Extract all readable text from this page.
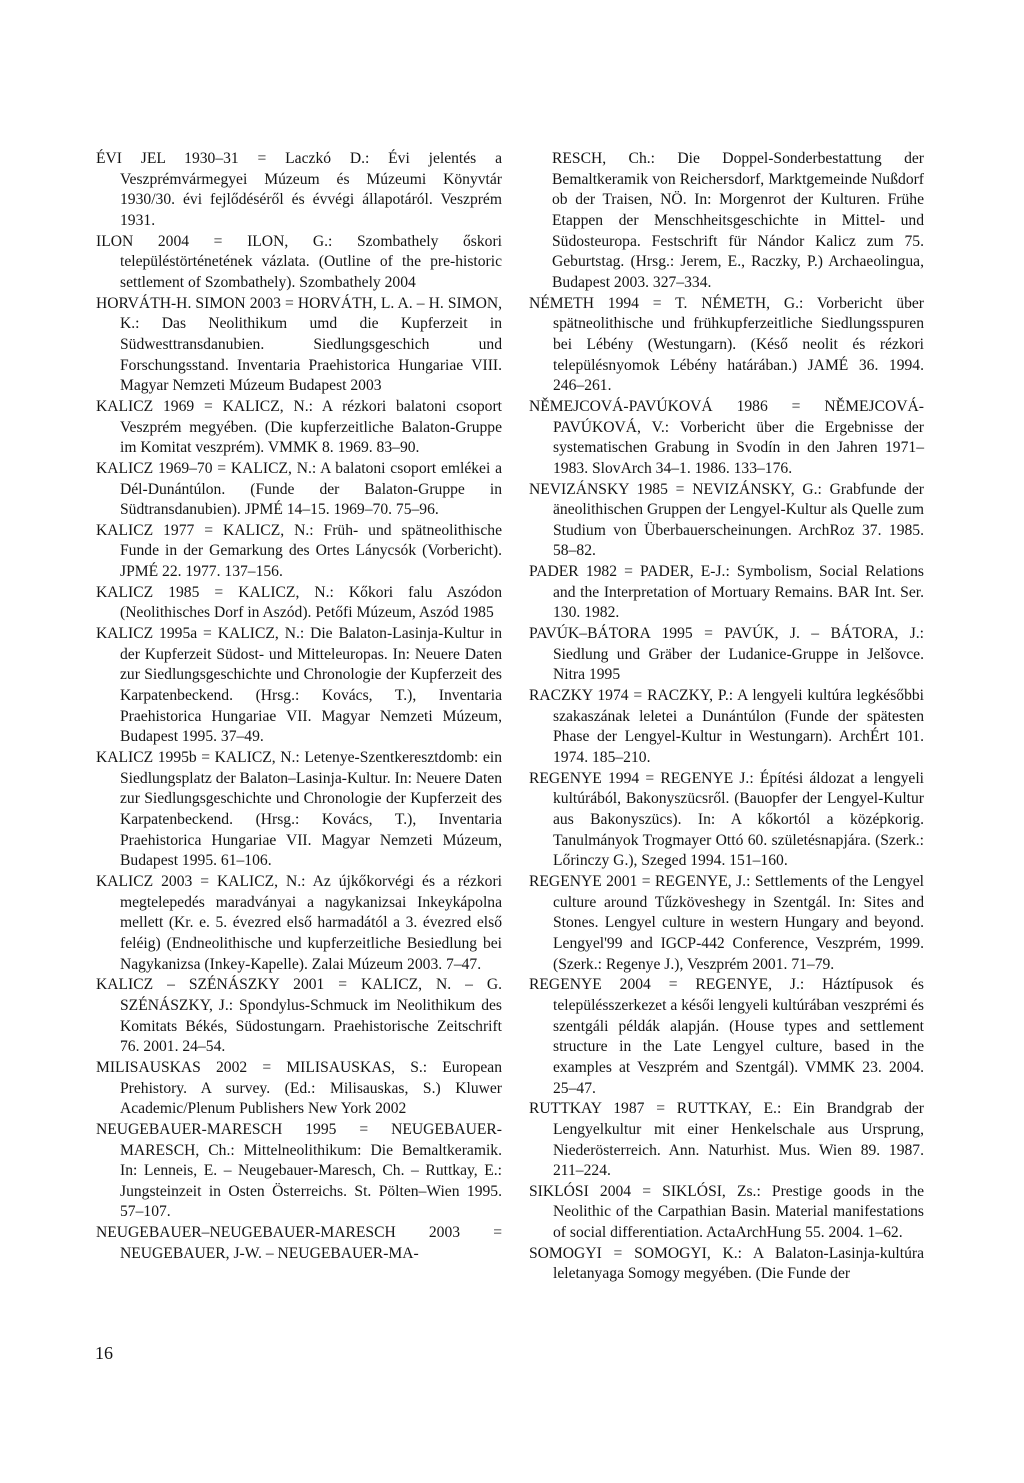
ÉVI JEL 1930–31 = Laczkó D.: Évi jelentés a Veszprémvármegyei Múzeum és Múzeumi Könyvtár 1930/30. évi fejlődéséről és évvégi állapotáról. Veszprém 1931.

ILON 2004 = ILON, G.: Szombathely őskori településtörténetének vázlata. (Outline of the pre-historic settlement of Szombathely). Szombathely 2004

HORVÁTH-H. SIMON 2003 = HORVÁTH, L. A. – H. SIMON, K.: Das Neolithikum umd die Kupferzeit in Südwesttransdanubien. Siedlungsgeschich und Forschungsstand. Inventaria Praehistorica Hungariae VIII. Magyar Nemzeti Múzeum Budapest 2003

KALICZ 1969 = KALICZ, N.: A rézkori balatoni csoport Veszprém megyében. (Die kupferzeitliche Balaton-Gruppe im Komitat veszprém). VMMK 8. 1969. 83–90.

KALICZ 1969–70 = KALICZ, N.: A balatoni csoport emlékei a Dél-Dunántúlon. (Funde der Balaton-Gruppe in Südtransdanubien). JPMÉ 14–15. 1969–70. 75–96.

KALICZ 1977 = KALICZ, N.: Früh- und spätneolithische Funde in der Gemarkung des Ortes Lánycsók (Vorbericht). JPMÉ 22. 1977. 137–156.

KALICZ 1985 = KALICZ, N.: Kőkori falu Aszódon (Neolithisches Dorf in Aszód). Petőfi Múzeum, Aszód 1985

KALICZ 1995a = KALICZ, N.: Die Balaton-Lasinja-Kultur in der Kupferzeit Südost- und Mitteleuropas. In: Neuere Daten zur Siedlungsgeschichte und Chronologie der Kupferzeit des Karpatenbeckend. (Hrsg.: Kovács, T.), Inventaria Praehistorica Hungariae VII. Magyar Nemzeti Múzeum, Budapest 1995. 37–49.

KALICZ 1995b = KALICZ, N.: Letenye-Szentkeresztdomb: ein Siedlungsplatz der Balaton–Lasinja-Kultur. In: Neuere Daten zur Siedlungsgeschichte und Chronologie der Kupferzeit des Karpatenbeckend. (Hrsg.: Kovács, T.), Inventaria Praehistorica Hungariae VII. Magyar Nemzeti Múzeum, Budapest 1995. 61–106.

KALICZ 2003 = KALICZ, N.: Az újkőkorvégi és a rézkori megtelepedés maradványai a nagykanizsai Inkeykápolna mellett (Kr. e. 5. évezred első harmadától a 3. évezred első feléig) (Endneolithische und kupferzeitliche Besiedlung bei Nagykanizsa (Inkey-Kapelle). Zalai Múzeum 2003. 7–47.

KALICZ – SZÉNÁSZKY 2001 = KALICZ, N. – G. SZÉNÁSZKY, J.: Spondylus-Schmuck im Neolithikum des Komitats Békés, Südostungarn. Praehistorische Zeitschrift 76. 2001. 24–54.

MILISAUSKAS 2002 = MILISAUSKAS, S.: European Prehistory. A survey. (Ed.: Milisauskas, S.) Kluwer Academic/Plenum Publishers New York 2002

NEUGEBAUER-MARESCH 1995 = NEUGEBAUER-MARESCH, Ch.: Mittelneolithikum: Die Bemaltkeramik. In: Lenneis, E. – Neugebauer-Maresch, Ch. – Ruttkay, E.: Jungsteinzeit in Osten Österreichs. St. Pölten–Wien 1995. 57–107.

NEUGEBAUER–NEUGEBAUER-MARESCH 2003 = NEUGEBAUER, J-W. – NEUGEBAUER-MA-

RESCH, Ch.: Die Doppel-Sonderbestattung der Bemaltkeramik von Reichersdorf, Marktgemeinde Nußdorf ob der Traisen, NÖ. In: Morgenrot der Kulturen. Frühe Etappen der Menschheitsgeschichte in Mittel- und Südosteuropa. Festschrift für Nándor Kalicz zum 75. Geburtstag. (Hrsg.: Jerem, E., Raczky, P.) Archaeolingua, Budapest 2003. 327–334.

NÉMETH 1994 = T. NÉMETH, G.: Vorbericht über spätneolithische und frühkupferzeitliche Siedlungsspuren bei Lébény (Westungarn). (Késő neolit és rézkori településnyomok Lébény határában.) JAMÉ 36. 1994. 246–261.

NĚMEJCOVÁ-PAVÚKOVÁ 1986 = NĚMEJCOVÁ-PAVÚKOVÁ, V.: Vorbericht über die Ergebnisse der systematischen Grabung in Svodín in den Jahren 1971–1983. SlovArch 34–1. 1986. 133–176.

NEVIZÁNSKY 1985 = NEVIZÁNSKY, G.: Grabfunde der äneolithischen Gruppen der Lengyel-Kultur als Quelle zum Studium von Überbauerscheinungen. ArchRoz 37. 1985. 58–82.

PADER 1982 = PADER, E-J.: Symbolism, Social Relations and the Interpretation of Mortuary Remains. BAR Int. Ser. 130. 1982.

PAVÚK–BÁTORA 1995 = PAVÚK, J. – BÁTORA, J.: Siedlung und Gräber der Ludanice-Gruppe in Jelšovce. Nitra 1995

RACZKY 1974 = RACZKY, P.: A lengyeli kultúra legkésőbbi szakaszának leletei a Dunántúlon (Funde der spätesten Phase der Lengyel-Kultur in Westungarn). ArchÉrt 101. 1974. 185–210.

REGENYE 1994 = REGENYE J.: Építési áldozat a lengyeli kultúrából, Bakonyszücsről. (Bauopfer der Lengyel-Kultur aus Bakonyszücs). In: A kőkortól a középkorig. Tanulmányok Trogmayer Ottó 60. születésnapjára. (Szerk.: Lőrinczy G.), Szeged 1994. 151–160.

REGENYE 2001 = REGENYE, J.: Settlements of the Lengyel culture around Tűzköveshegy in Szentgál. In: Sites and Stones. Lengyel culture in western Hungary and beyond. Lengyel'99 and IGCP-442 Conference, Veszprém, 1999. (Szerk.: Regenye J.), Veszprém 2001. 71–79.

REGENYE 2004 = REGENYE, J.: Háztípusok és településszerkezet a késői lengyeli kultúrában veszprémi és szentgáli példák alapján. (House types and settlement structure in the Late Lengyel culture, based in the examples at Veszprém and Szentgál). VMMK 23. 2004. 25–47.

RUTTKAY 1987 = RUTTKAY, E.: Ein Brandgrab der Lengyelkultur mit einer Henkelschale aus Ursprung, Niederösterreich. Ann. Naturhist. Mus. Wien 89. 1987. 211–224.

SIKLÓSI 2004 = SIKLÓSI, Zs.: Prestige goods in the Neolithic of the Carpathian Basin. Material manifestations of social differentiation. ActaArchHung 55. 2004. 1–62.

SOMOGYI = SOMOGYI, K.: A Balaton-Lasinja-kultúra leletanyaga Somogy megyében. (Die Funde der

16
